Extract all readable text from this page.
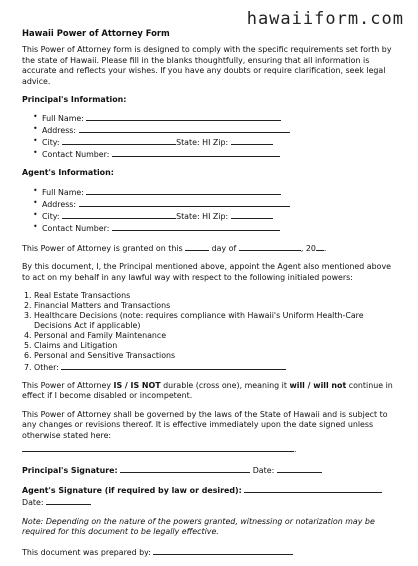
hawaiiform.com
Hawaii Power of Attorney Form

This Power of Attorney form is designed to comply with the specific requirements set forth by the state of Hawaii. Please fill in the blanks thoughtfully, ensuring that all information is accurate and reflects your wishes. If you have any doubts or require clarification, seek legal advice.

Principal's Information:
• Full Name:
• Address:
• City:	State: HI Zip:
• Contact Number:
Agent's Information:
• Full Name:
• Address:
• City:	State: HI Zip:
• Contact Number:

This Power of Attorney is granted on this	day of	, 20 .

By this document, I, the Principal mentioned above, appoint the Agent also mentioned above to act on my behalf in any lawful way with respect to the following initialed powers:

1. Real Estate Transactions
2. Financial Matters and Transactions
3. Healthcare Decisions (note: requires compliance with Hawaii's Uniform Health-Care Decisions Act if applicable)
4. Personal and Family Maintenance
5. Claims and Litigation
6. Personal and Sensitive Transactions
7. Other:

This Power of Attorney IS / IS NOT durable (cross one), meaning it will / will not continue in effect if I become disabled or incompetent.

This Power of Attorney shall be governed by the laws of the State of Hawaii and is subject to any changes or revisions thereof. It is effective immediately upon the date signed unless otherwise stated here:

.

Principal's Signature:	Date:
Agent's Signature (if required by law or desired):
Date:

Note: Depending on the nature of the powers granted, witnessing or notarization may be required for this document to be legally effective.

This document was prepared by:
